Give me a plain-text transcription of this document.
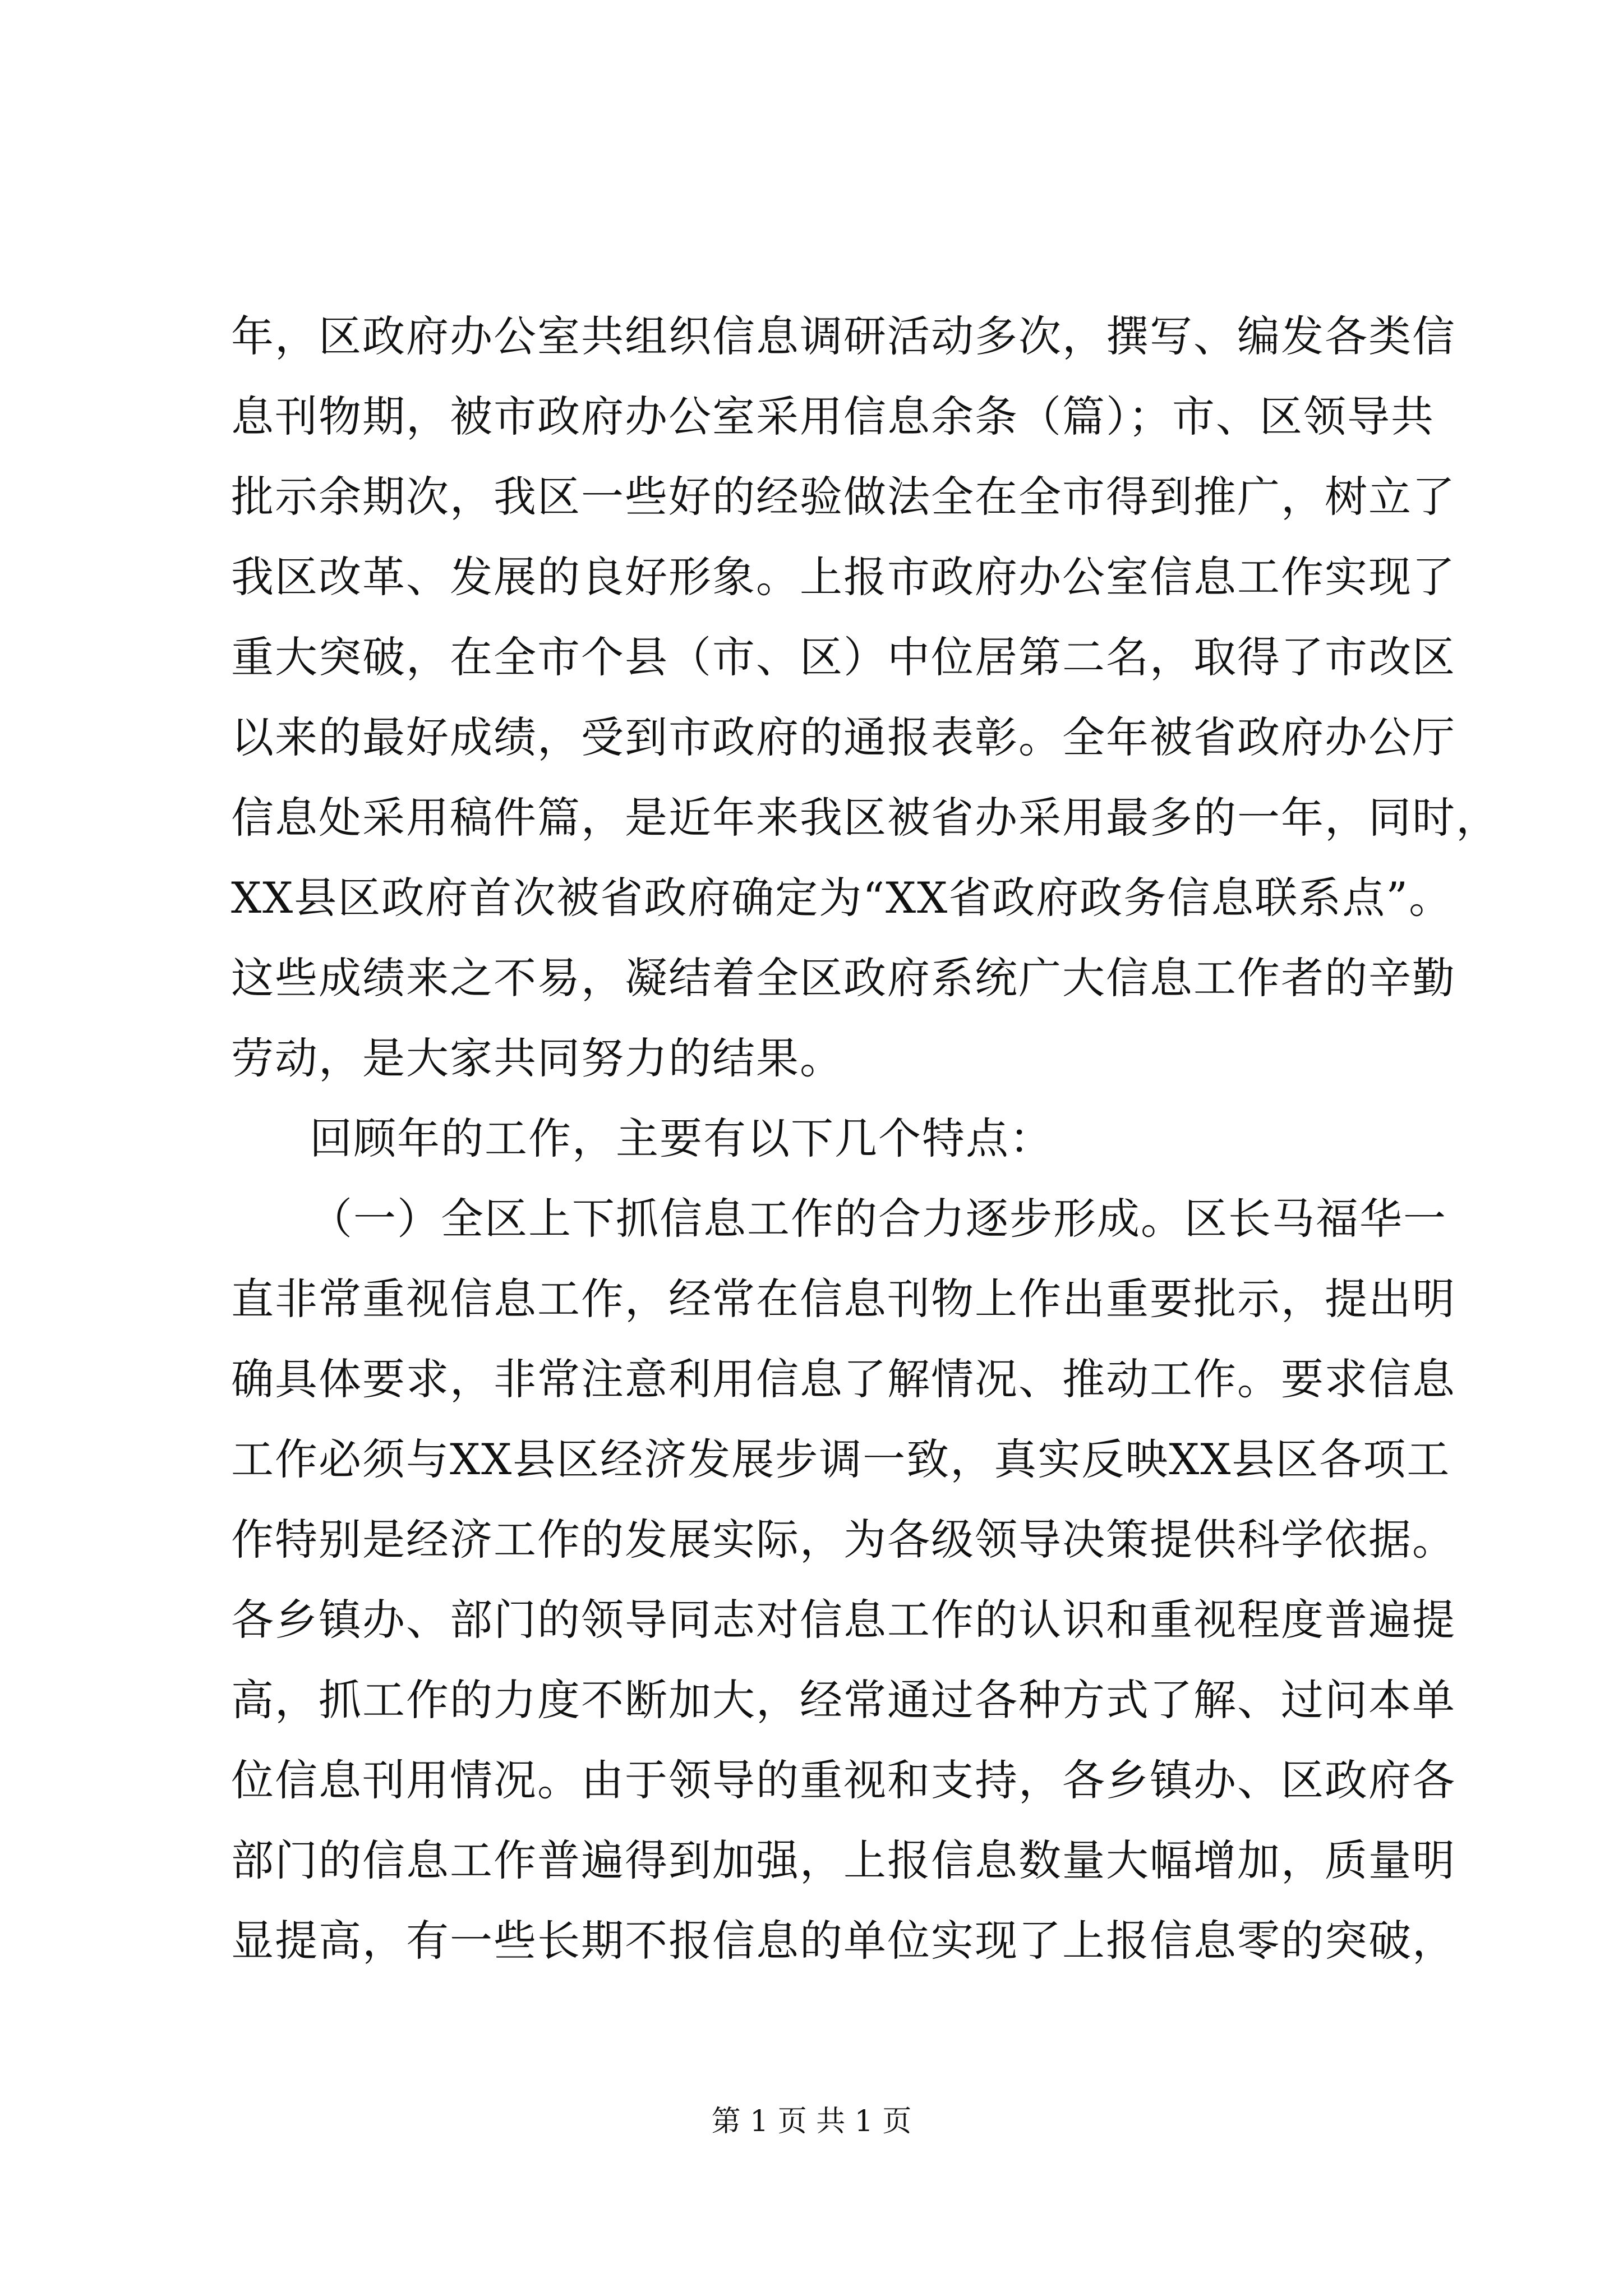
年，区政府办公室共组织信息调研活动多次，撰写、编发各类信
息刊物期，被市政府办公室采用信息余条（篇）；市、区领导共
批示余期次，我区一些好的经验做法全在全市得到推广，树立了
我区改革、发展的良好形象。上报市政府办公室信息工作实现了
重大突破，在全市个县（市、区）中位居第二名，取得了市改区
以来的最好成绩，受到市政府的通报表彰。全年被省政府办公厅
信息处采用稿件篇，是近年来我区被省办采用最多的一年，同时，
XX县区政府首次被省政府确定为“XX省政府政务信息联系点”。
这些成绩来之不易，凝结着全区政府系统广大信息工作者的辛勤
劳动，是大家共同努力的结果。
回顾年的工作，主要有以下几个特点：
（一）全区上下抓信息工作的合力逐步形成。区长马福华一
直非常重视信息工作，经常在信息刊物上作出重要批示，提出明
确具体要求，非常注意利用信息了解情况、推动工作。要求信息
工作必须与XX县区经济发展步调一致，真实反映XX县区各项工
作特别是经济工作的发展实际，为各级领导决策提供科学依据。
各乡镇办、部门的领导同志对信息工作的认识和重视程度普遍提
高，抓工作的力度不断加大，经常通过各种方式了解、过问本单
位信息刊用情况。由于领导的重视和支持，各乡镇办、区政府各
部门的信息工作普遍得到加强，上报信息数量大幅增加，质量明
显提高，有一些长期不报信息的单位实现了上报信息零的突破，
第 1 页 共 1 页
